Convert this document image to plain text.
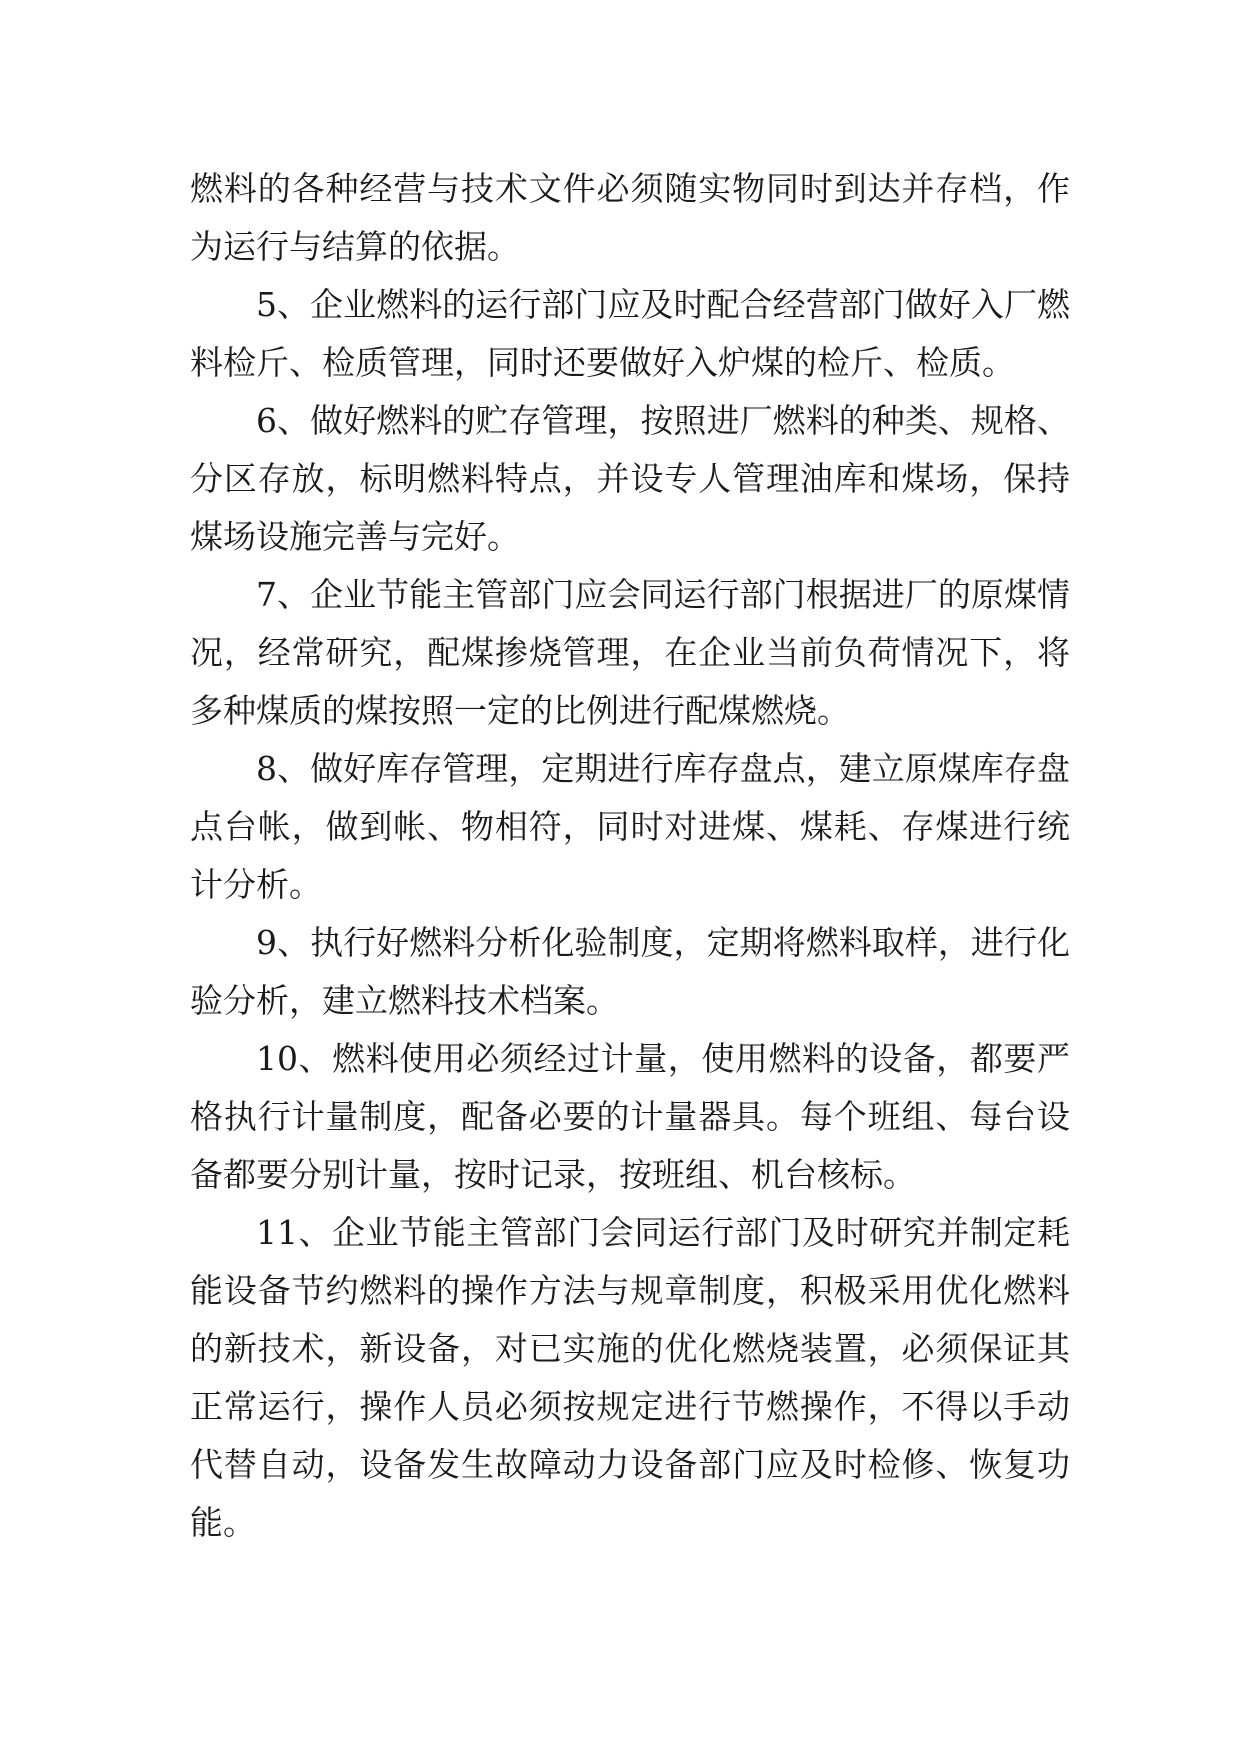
燃料的各种经营与技术文件必须随实物同时到达并存档，作为运行与结算的依据。

5、企业燃料的运行部门应及时配合经营部门做好入厂燃料检斤、检质管理，同时还要做好入炉煤的检斤、检质。

6、做好燃料的贮存管理，按照进厂燃料的种类、规格、分区存放，标明燃料特点，并设专人管理油库和煤场，保持煤场设施完善与完好。

7、企业节能主管部门应会同运行部门根据进厂的原煤情况，经常研究，配煤掺烧管理，在企业当前负荷情况下，将多种煤质的煤按照一定的比例进行配煤燃烧。

8、做好库存管理，定期进行库存盘点，建立原煤库存盘点台帐，做到帐、物相符，同时对进煤、煤耗、存煤进行统计分析。

9、执行好燃料分析化验制度，定期将燃料取样，进行化验分析，建立燃料技术档案。

10、燃料使用必须经过计量，使用燃料的设备，都要严格执行计量制度，配备必要的计量器具。每个班组、每台设备都要分别计量，按时记录，按班组、机台核标。

11、企业节能主管部门会同运行部门及时研究并制定耗能设备节约燃料的操作方法与规章制度，积极采用优化燃料的新技术，新设备，对已实施的优化燃烧装置，必须保证其正常运行，操作人员必须按规定进行节燃操作，不得以手动代替自动，设备发生故障动力设备部门应及时检修、恢复功能。
